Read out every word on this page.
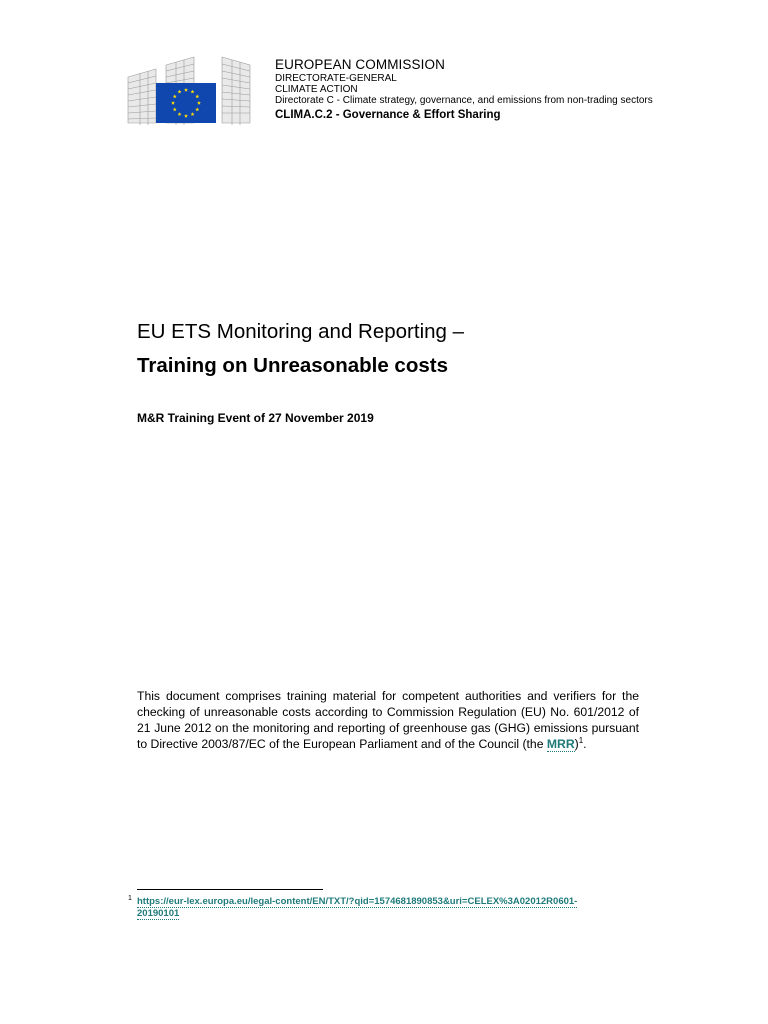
EUROPEAN COMMISSION
DIRECTORATE-GENERAL
CLIMATE ACTION
Directorate C - Climate strategy, governance, and emissions from non-trading sectors
CLIMA.C.2 - Governance & Effort Sharing
EU ETS Monitoring and Reporting –
Training on Unreasonable costs

M&R Training Event of 27 November 2019

This document comprises training material for competent authorities and verifiers for the checking of unreasonable costs according to Commission Regulation (EU) No. 601/2012 of 21 June 2012 on the monitoring and reporting of greenhouse gas (GHG) emissions pursuant to Directive 2003/87/EC of the European Parliament and of the Council (the MRR)$^1$.

1 https://eur-lex.europa.eu/legal-content/EN/TXT/?qid=1574681890853&uri=CELEX%3A02012R0601-
20190101
